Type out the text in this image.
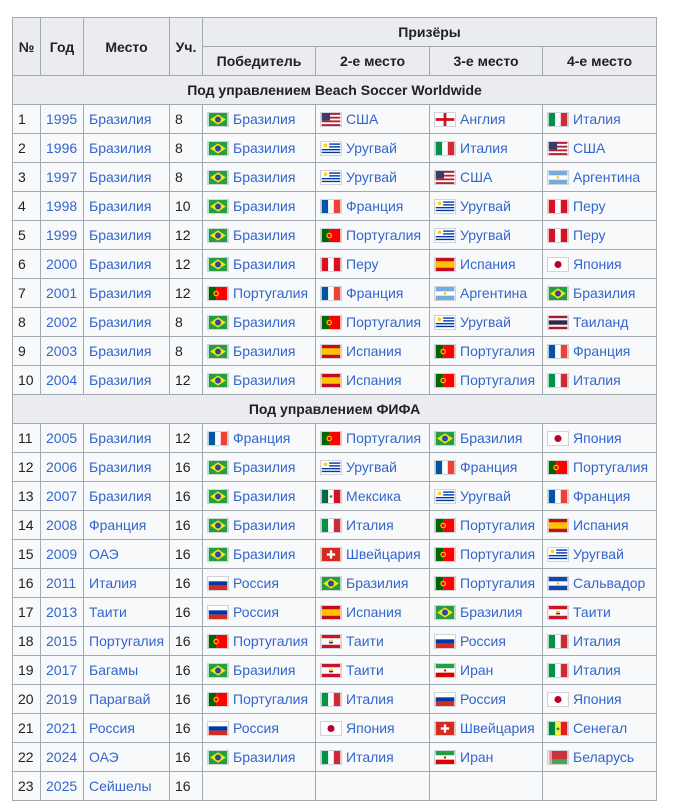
№	Год	Место	Уч.	Призёры			
				Победитель	2-е место	3-е место	4-е место
Под управлением Beach Soccer Worldwide							
1	1995	Бразилия	8	Бразилия	США	Англия	Италия
2	1996	Бразилия	8	Бразилия	Уругвай	Италия	США
3	1997	Бразилия	8	Бразилия	Уругвай	США	Аргентина
4	1998	Бразилия	10	Бразилия	Франция	Уругвай	Перу
5	1999	Бразилия	12	Бразилия	Португалия	Уругвай	Перу
6	2000	Бразилия	12	Бразилия	Перу	Испания	Япония
7	2001	Бразилия	12	Португалия	Франция	Аргентина	Бразилия
8	2002	Бразилия	8	Бразилия	Португалия	Уругвай	Таиланд
9	2003	Бразилия	8	Бразилия	Испания	Португалия	Франция
10	2004	Бразилия	12	Бразилия	Испания	Португалия	Италия
Под управлением ФИФА							
11	2005	Бразилия	12	Франция	Португалия	Бразилия	Япония
12	2006	Бразилия	16	Бразилия	Уругвай	Франция	Португалия
13	2007	Бразилия	16	Бразилия	Мексика	Уругвай	Франция
14	2008	Франция	16	Бразилия	Италия	Португалия	Испания
15	2009	ОАЭ	16	Бразилия	Швейцария	Португалия	Уругвай
16	2011	Италия	16	Россия	Бразилия	Португалия	Сальвадор
17	2013	Таити	16	Россия	Испания	Бразилия	Таити
18	2015	Португалия	16	Португалия	Таити	Россия	Италия
19	2017	Багамы	16	Бразилия	Таити	Иран	Италия
20	2019	Парагвай	16	Португалия	Италия	Россия	Япония
21	2021	Россия	16	Россия	Япония	Швейцария	Сенегал
22	2024	ОАЭ	16	Бразилия	Италия	Иран	Беларусь
23	2025	Сейшелы	16				
